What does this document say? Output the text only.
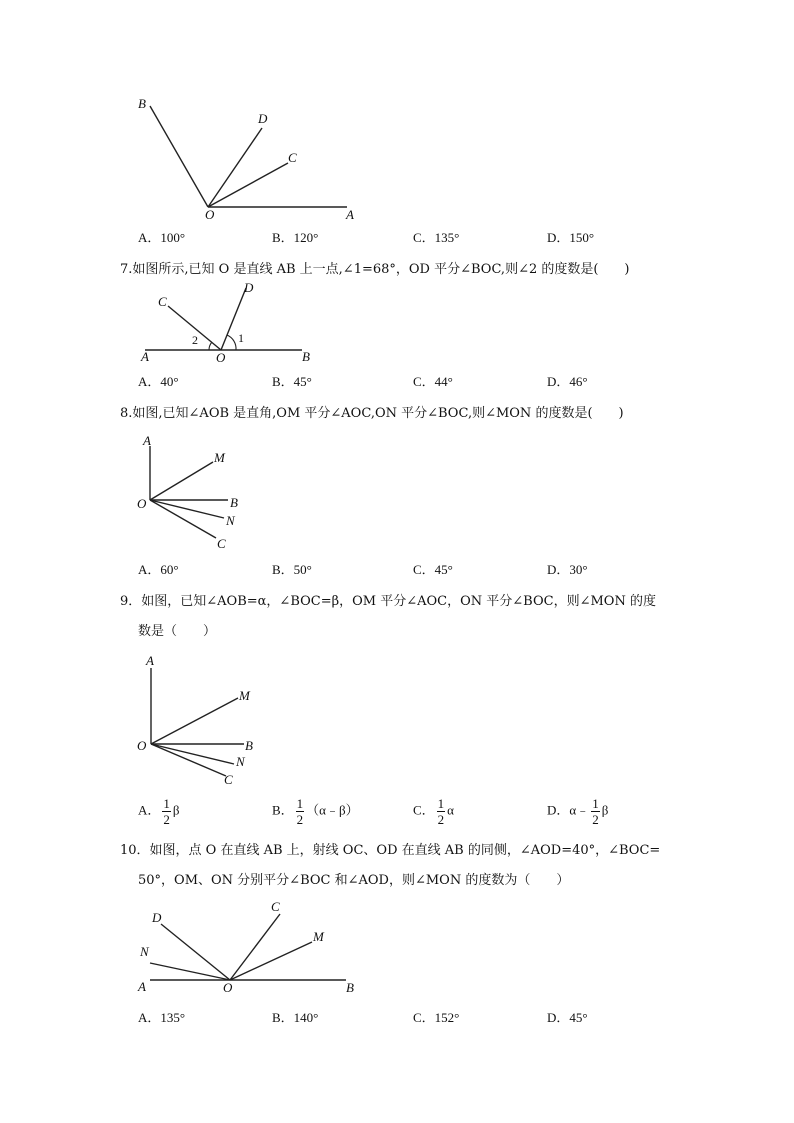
B
D
C
O	A
A．100°	B．120°	C．135°	D．150°
7.如图所示,已知 O 是直线 AB 上一点,∠1=68°，OD 平分∠BOC,则∠2 的度数是(　　)
C
D
A	O	B
2	1
A．40°	B．45°	C．44°	D．46°
8.如图,已知∠AOB 是直角,OM 平分∠AOC,ON 平分∠BOC,则∠MON 的度数是(　　)
A
M
O	B
N
C
A．60°	B．50°	C．45°	D．30°
9．如图，已知∠AOB=α，∠BOC=β，OM 平分∠AOC，ON 平分∠BOC，则∠MON 的度
数是（　　）
A
M
O	B
N
C
A． $\frac{1}{2}$ β	B． $\frac{1}{2}$ （α﹣β）	C． $\frac{1}{2}$ α	D．α﹣ $\frac{1}{2}$ β
10．如图，点 O 在直线 AB 上，射线 OC、OD 在直线 AB 的同侧，∠AOD=40°，∠BOC=
50°，OM、ON 分别平分∠BOC 和∠AOD，则∠MON 的度数为（　　）
D
C
M
N
A	O	B
A．135°	B．140°	C．152°	D．45°
